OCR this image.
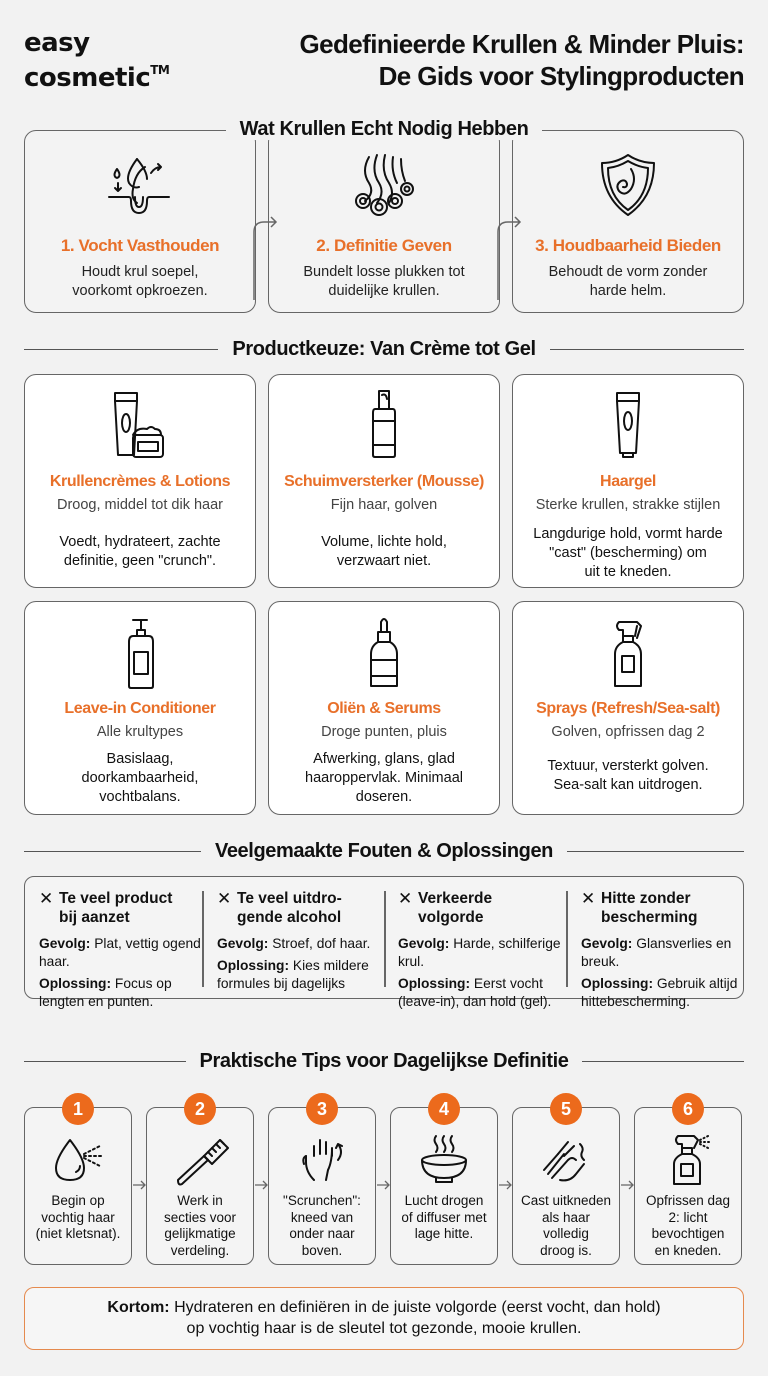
easy
cosmetic™
Gedefinieerde Krullen & Minder Pluis:
De Gids voor Stylingproducten
1. Vocht Vasthouden
Houdt krul soepel,
voorkomt opkroezen.
2. Definitie Geven
Bundelt losse plukken tot
duidelijke krullen.
3. Houdbaarheid Bieden
Behoudt de vorm zonder
harde helm.
Wat Krullen Echt Nodig Hebben
Productkeuze: Van Crème tot Gel
Krullencrèmes & Lotions
Droog, middel tot dik haar
Voedt, hydrateert, zachte
definitie, geen "crunch".
Schuimversterker (Mousse)
Fijn haar, golven
Volume, lichte hold,
verzwaart niet.
Haargel
Sterke krullen, strakke stijlen
Langdurige hold, vormt harde
"cast" (bescherming) om
uit te kneden.
Leave-in Conditioner
Alle krultypes
Basislaag,
doorkambaarheid,
vochtbalans.
Oliën & Serums
Droge punten, pluis
Afwerking, glans, glad
haaroppervlak. Minimaal
doseren.
Sprays (Refresh/Sea-salt)
Golven, opfrissen dag 2
Textuur, versterkt golven.
Sea-salt kan uitdrogen.
Veelgemaakte Fouten & Oplossingen
✕ Te veel product
bij aanzet

Gevolg: Plat, vettig ogend haar.

Oplossing: Focus op lengten en punten.

✕ Te veel uitdro-
gende alcohol

Gevolg: Stroef, dof haar.

Oplossing: Kies mildere formules bij dagelijks

✕ Verkeerde
volgorde

Gevolg: Harde, schilferige krul.

Oplossing: Eerst vocht (leave-in), dan hold (gel).

✕ Hitte zonder
bescherming

Gevolg: Glansverlies en breuk.

Oplossing: Gebruik altijd hittebescherming.

Praktische Tips voor Dagelijkse Definitie
1
Begin op
vochtig haar
(niet kletsnat).
2
Werk in
secties voor
gelijkmatige
verdeling.
3
"Scrunchen":
kneed van
onder naar
boven.
4
Lucht drogen
of diffuser met
lage hitte.
5
Cast uitkneden
als haar
volledig
droog is.
6
Opfrissen dag
2: licht
bevochtigen
en kneden.
Kortom: Hydrateren en definiëren in de juiste volgorde (eerst vocht, dan hold)
op vochtig haar is de sleutel tot gezonde, mooie krullen.
